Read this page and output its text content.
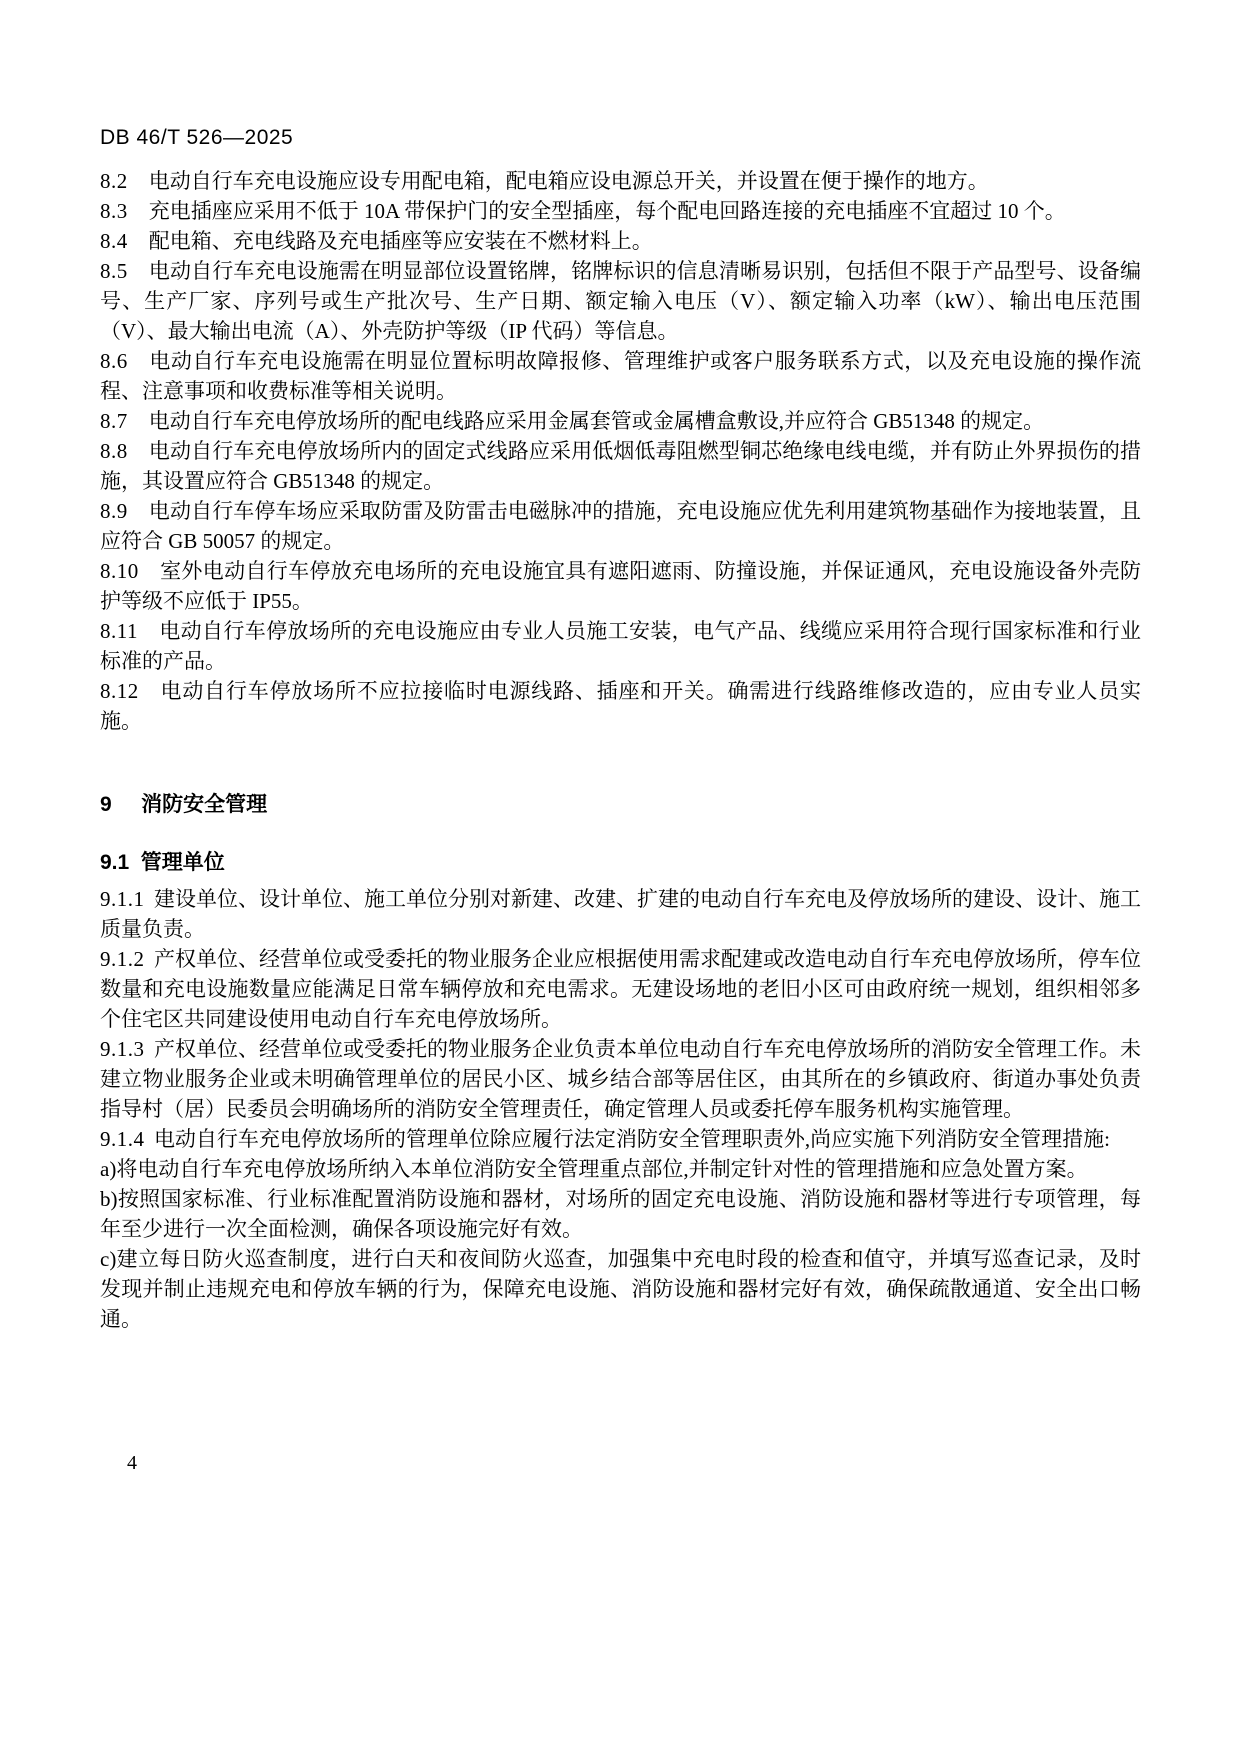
DB 46/T 526—2025

8.2 电动自行车充电设施应设专用配电箱，配电箱应设电源总开关，并设置在便于操作的地方。

8.3 充电插座应采用不低于 10A 带保护门的安全型插座，每个配电回路连接的充电插座不宜超过 10 个。

8.4 配电箱、充电线路及充电插座等应安装在不燃材料上。

8.5 电动自行车充电设施需在明显部位设置铭牌，铭牌标识的信息清晰易识别，包括但不限于产品型号、设备编号、生产厂家、序列号或生产批次号、生产日期、额定输入电压（V）、额定输入功率（kW）、输出电压范围（V）、最大输出电流（A）、外壳防护等级（IP 代码）等信息。

8.6 电动自行车充电设施需在明显位置标明故障报修、管理维护或客户服务联系方式，以及充电设施的操作流程、注意事项和收费标准等相关说明。

8.7 电动自行车充电停放场所的配电线路应采用金属套管或金属槽盒敷设,并应符合 GB51348 的规定。

8.8 电动自行车充电停放场所内的固定式线路应采用低烟低毒阻燃型铜芯绝缘电线电缆，并有防止外界损伤的措施，其设置应符合 GB51348 的规定。

8.9 电动自行车停车场应采取防雷及防雷击电磁脉冲的措施，充电设施应优先利用建筑物基础作为接地装置，且应符合 GB 50057 的规定。

8.10 室外电动自行车停放充电场所的充电设施宜具有遮阳遮雨、防撞设施，并保证通风，充电设施设备外壳防护等级不应低于 IP55。

8.11 电动自行车停放场所的充电设施应由专业人员施工安装，电气产品、线缆应采用符合现行国家标准和行业标准的产品。

8.12 电动自行车停放场所不应拉接临时电源线路、插座和开关。确需进行线路维修改造的，应由专业人员实施。

9 消防安全管理
9.1 管理单位

9.1.1 建设单位、设计单位、施工单位分别对新建、改建、扩建的电动自行车充电及停放场所的建设、设计、施工质量负责。

9.1.2 产权单位、经营单位或受委托的物业服务企业应根据使用需求配建或改造电动自行车充电停放场所，停车位数量和充电设施数量应能满足日常车辆停放和充电需求。无建设场地的老旧小区可由政府统一规划，组织相邻多个住宅区共同建设使用电动自行车充电停放场所。

9.1.3 产权单位、经营单位或受委托的物业服务企业负责本单位电动自行车充电停放场所的消防安全管理工作。未建立物业服务企业或未明确管理单位的居民小区、城乡结合部等居住区，由其所在的乡镇政府、街道办事处负责指导村（居）民委员会明确场所的消防安全管理责任，确定管理人员或委托停车服务机构实施管理。

9.1.4 电动自行车充电停放场所的管理单位除应履行法定消防安全管理职责外,尚应实施下列消防安全管理措施:

a)将电动自行车充电停放场所纳入本单位消防安全管理重点部位,并制定针对性的管理措施和应急处置方案。

b)按照国家标准、行业标准配置消防设施和器材，对场所的固定充电设施、消防设施和器材等进行专项管理，每年至少进行一次全面检测，确保各项设施完好有效。

c)建立每日防火巡查制度，进行白天和夜间防火巡查，加强集中充电时段的检查和值守，并填写巡查记录，及时发现并制止违规充电和停放车辆的行为，保障充电设施、消防设施和器材完好有效，确保疏散通道、安全出口畅通。

4
